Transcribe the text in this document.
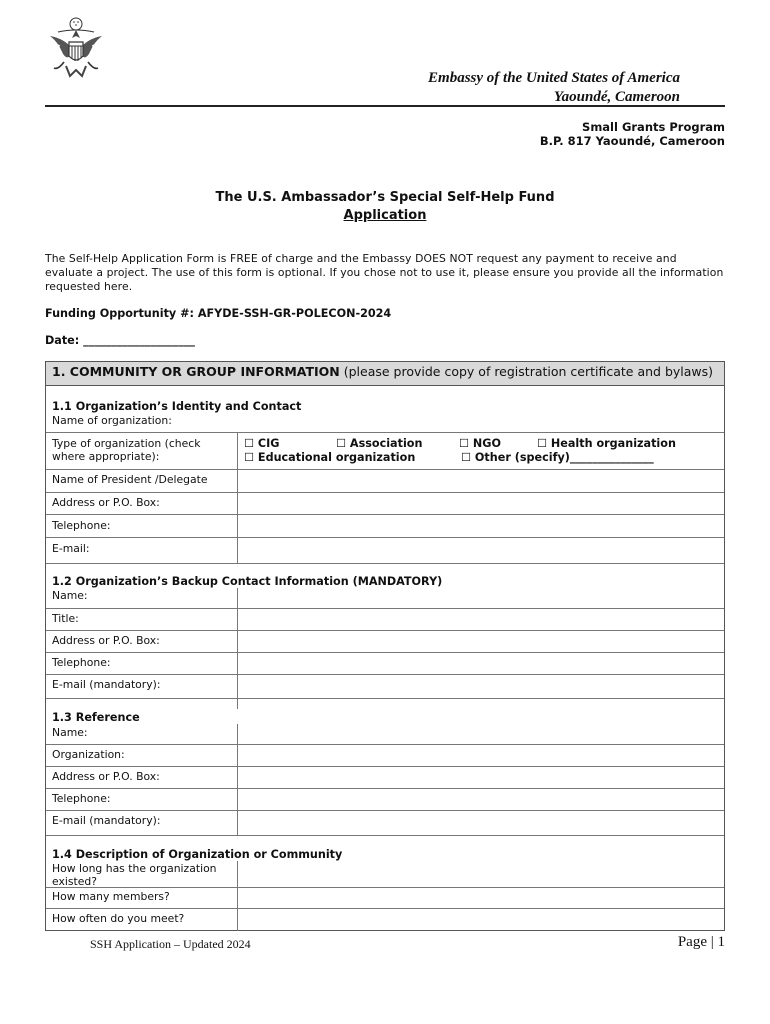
Embassy of the United States of America
Yaoundé, Cameroon
Small Grants Program
B.P. 817 Yaoundé, Cameroon
The U.S. Ambassador’s Special Self-Help Fund
Application
The Self-Help Application Form is FREE of charge and the Embassy DOES NOT request any payment to receive and evaluate a project. The use of this form is optional. If you chose not to use it, please ensure you provide all the information requested here.
Funding Opportunity #: AFYDE-SSH-GR-POLECON-2024
Date: ____________________
1. COMMUNITY OR GROUP INFORMATION (please provide copy of registration certificate and bylaws)
1.1 Organization’s Identity and Contact
Name of organization:
Type of organization (check where appropriate):
☐ CIG	☐ Association	☐ NGO	☐ Health organization
☐ Educational organization	☐ Other (specify)_______________
Name of President /Delegate
Address or P.O. Box:
Telephone:
E-mail:
1.2 Organization’s Backup Contact Information (MANDATORY)
Name:
Title:
Address or P.O. Box:
Telephone:
E-mail (mandatory):
1.3 Reference
Name:
Organization:
Address or P.O. Box:
Telephone:
E-mail (mandatory):
1.4 Description of Organization or Community
How long has the organization existed?
How many members?
How often do you meet?
SSH Application – Updated 2024	Page | 1
